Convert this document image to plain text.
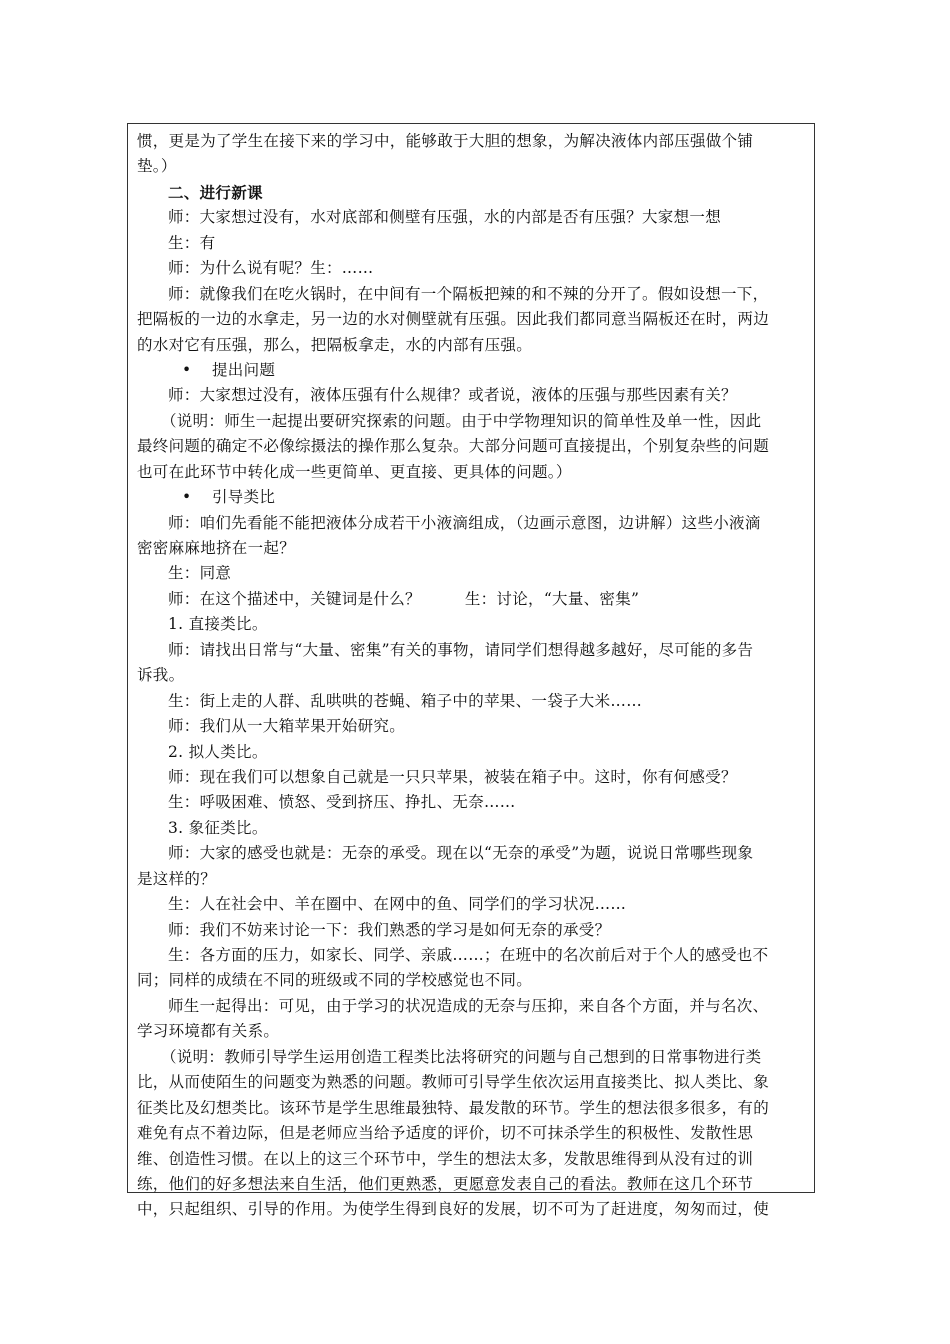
惯，更是为了学生在接下来的学习中，能够敢于大胆的想象，为解决液体内部压强做个铺
垫。）
二、进行新课
师：大家想过没有，水对底部和侧壁有压强，水的内部是否有压强？大家想一想
生：有
师：为什么说有呢？生：……
师：就像我们在吃火锅时，在中间有一个隔板把辣的和不辣的分开了。假如设想一下，
把隔板的一边的水拿走，另一边的水对侧壁就有压强。因此我们都同意当隔板还在时，两边
的水对它有压强，那么，把隔板拿走，水的内部有压强。
• 提出问题
师：大家想过没有，液体压强有什么规律？或者说，液体的压强与那些因素有关？
（说明：师生一起提出要研究探索的问题。由于中学物理知识的简单性及单一性，因此
最终问题的确定不必像综摄法的操作那么复杂。大部分问题可直接提出，个别复杂些的问题
也可在此环节中转化成一些更简单、更直接、更具体的问题。）
• 引导类比
师：咱们先看能不能把液体分成若干小液滴组成，（边画示意图，边讲解）这些小液滴
密密麻麻地挤在一起？
生：同意
师：在这个描述中，关键词是什么？	生：讨论，“大量、密集”
1. 直接类比。
师：请找出日常与“大量、密集”有关的事物，请同学们想得越多越好，尽可能的多告
诉我。
生：街上走的人群、乱哄哄的苍蝇、箱子中的苹果、一袋子大米……
师：我们从一大箱苹果开始研究。
2. 拟人类比。
师：现在我们可以想象自己就是一只只苹果，被装在箱子中。这时，你有何感受？
生：呼吸困难、愤怒、受到挤压、挣扎、无奈……
3. 象征类比。
师：大家的感受也就是：无奈的承受。现在以“无奈的承受”为题，说说日常哪些现象
是这样的？
生：人在社会中、羊在圈中、在网中的鱼、同学们的学习状况……
师：我们不妨来讨论一下：我们熟悉的学习是如何无奈的承受？
生：各方面的压力，如家长、同学、亲戚……；在班中的名次前后对于个人的感受也不
同；同样的成绩在不同的班级或不同的学校感觉也不同。
师生一起得出：可见，由于学习的状况造成的无奈与压抑，来自各个方面，并与名次、
学习环境都有关系。
（说明：教师引导学生运用创造工程类比法将研究的问题与自己想到的日常事物进行类
比，从而使陌生的问题变为熟悉的问题。教师可引导学生依次运用直接类比、拟人类比、象
征类比及幻想类比。该环节是学生思维最独特、最发散的环节。学生的想法很多很多，有的
难免有点不着边际，但是老师应当给予适度的评价，切不可抹杀学生的积极性、发散性思
维、创造性习惯。在以上的这三个环节中，学生的想法太多，发散思维得到从没有过的训
练，他们的好多想法来自生活，他们更熟悉，更愿意发表自己的看法。教师在这几个环节
中，只起组织、引导的作用。为使学生得到良好的发展，切不可为了赶进度，匆匆而过，使
